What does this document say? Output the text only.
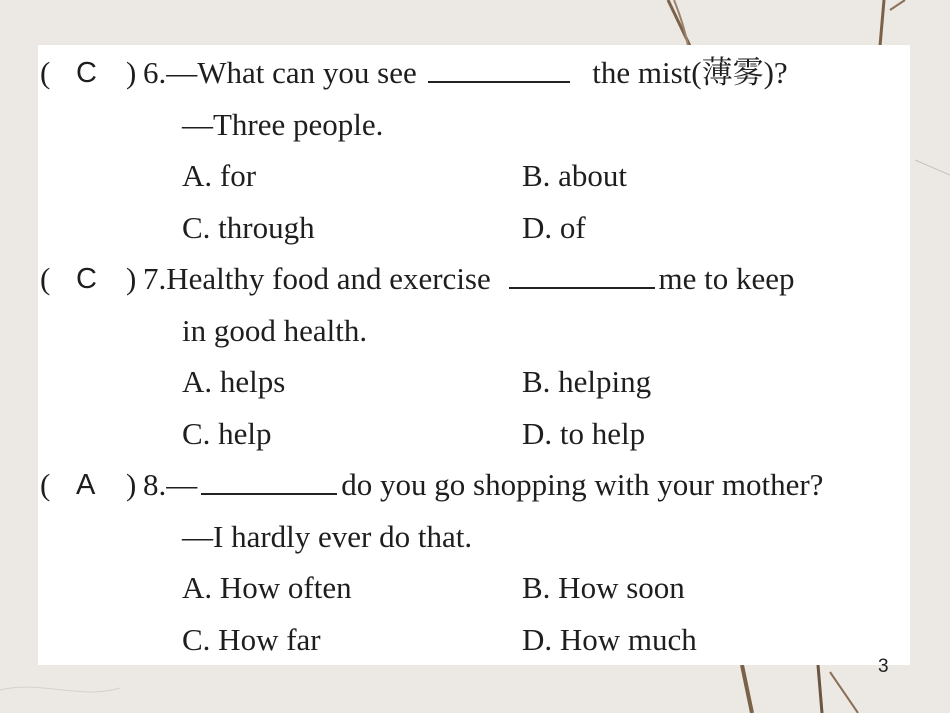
( C ) 6.—What can you see	the mist(薄雾)?
—Three people.
A. for	B. about
C. through	D. of
( C ) 7.Healthy food and exercise	me to keep
in good health.
A. helps	B. helping
C. help	D. to help
( A ) 8.—	do you go shopping with your mother?
—I hardly ever do that.
A. How often	B. How soon
C. How far	D. How much
3
